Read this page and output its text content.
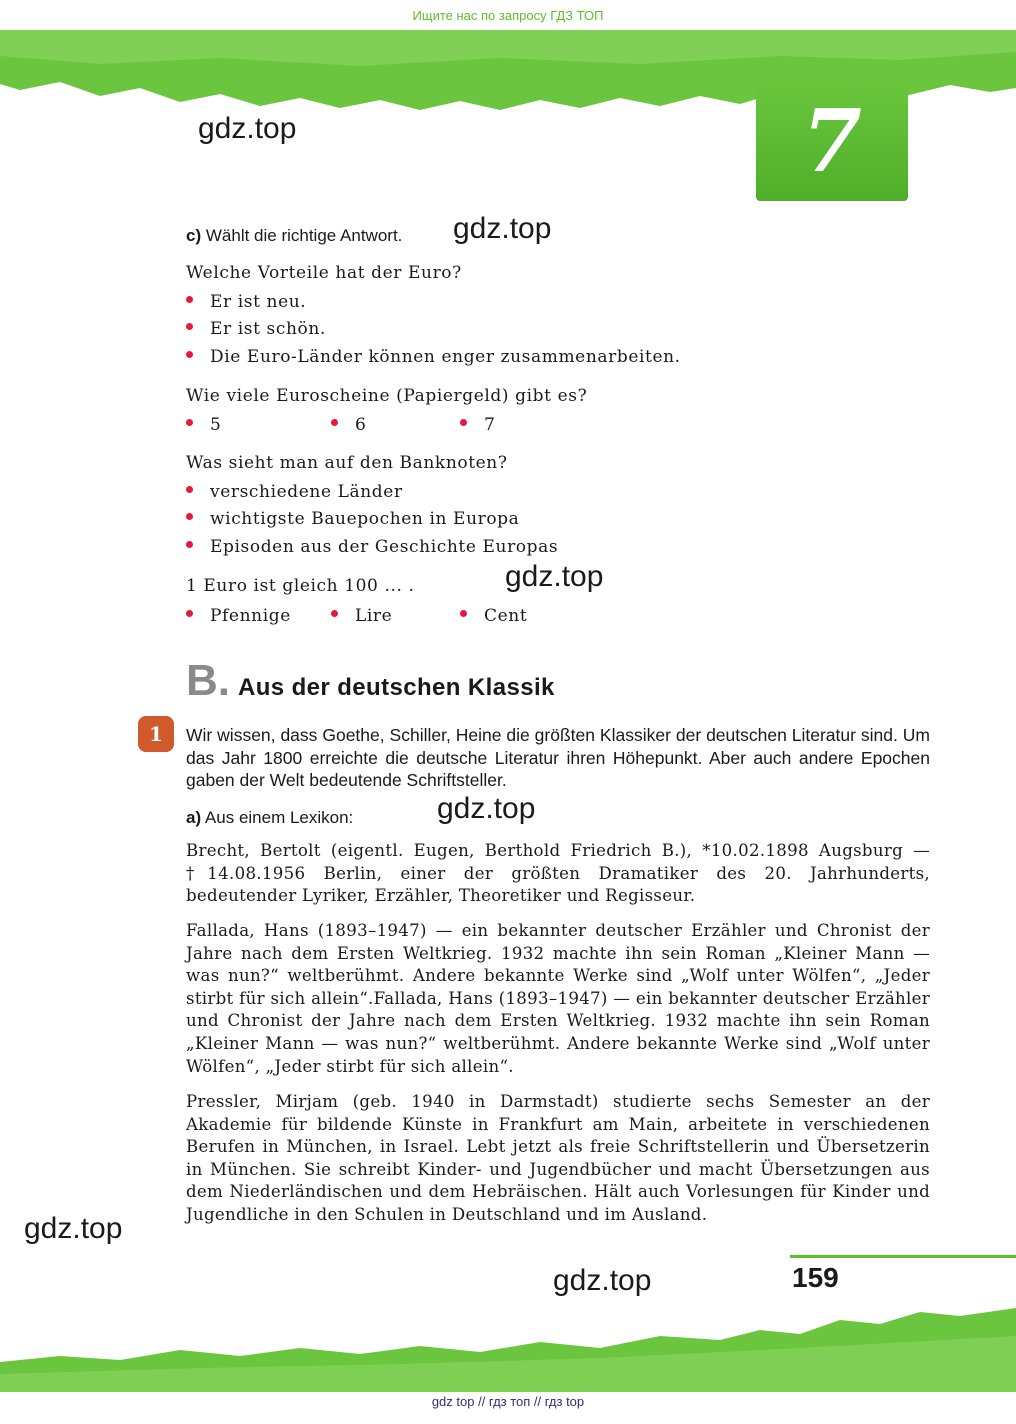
Ищите нас по запросу ГДЗ ТОП
7
gdz.top
gdz.top
gdz.top
gdz.top
gdz.top
gdz.top
c) Wählt die richtige Antwort.
Welche Vorteile hat der Euro?
Er ist neu.
Er ist schön.
Die Euro-Länder können enger zusammenarbeiten.
Wie viele Euroscheine (Papiergeld) gibt es?
5	6	7
Was sieht man auf den Banknoten?
verschiedene Länder
wichtigste Bauepochen in Europa
Episoden aus der Geschichte Europas
1 Euro ist gleich 100 ... .
Pfennige	Lire	Cent
B. Aus der deutschen Klassik
1	Wir wissen, dass Goethe, Schiller, Heine die größten Klassiker der deutschen Literatur sind. Um das Jahr 1800 erreichte die deutsche Literatur ihren Höhepunkt. Aber auch andere Epochen gaben der Welt bedeutende Schriftsteller.
a) Aus einem Lexikon:
Brecht, Bertolt (eigentl. Eugen, Berthold Friedrich B.), *10.02.1898 Augsburg — †14.08.1956 Berlin, einer der größten Dramatiker des 20. Jahrhunderts, bedeutender Lyriker, Erzähler, Theoretiker und Regisseur.
Fallada, Hans (1893–1947) — ein bekannter deutscher Erzähler und Chronist der Jahre nach dem Ersten Weltkrieg. 1932 machte ihn sein Roman „Kleiner Mann — was nun?“ weltberühmt. Andere bekannte Werke sind „Wolf unter Wölfen“, „Jeder stirbt für sich allein“.Fallada, Hans (1893–1947) — ein bekannter deutscher Erzähler und Chronist der Jahre nach dem Ersten Weltkrieg. 1932 machte ihn sein Roman „Kleiner Mann — was nun?“ weltberühmt. Andere bekannte Werke sind „Wolf unter Wölfen“, „Jeder stirbt für sich allein“.
Pressler, Mirjam (geb. 1940 in Darmstadt) studierte sechs Semester an der Akademie für bildende Künste in Frankfurt am Main, arbeitete in verschiedenen Berufen in München, in Israel. Lebt jetzt als freie Schriftstellerin und Übersetzerin in München. Sie schreibt Kinder- und Jugendbücher und macht Übersetzungen aus dem Niederländischen und dem Hebräischen. Hält auch Vorlesungen für Kinder und Jugendliche in den Schulen in Deutschland und im Ausland.
159
gdz top // гдз топ // гдз top
